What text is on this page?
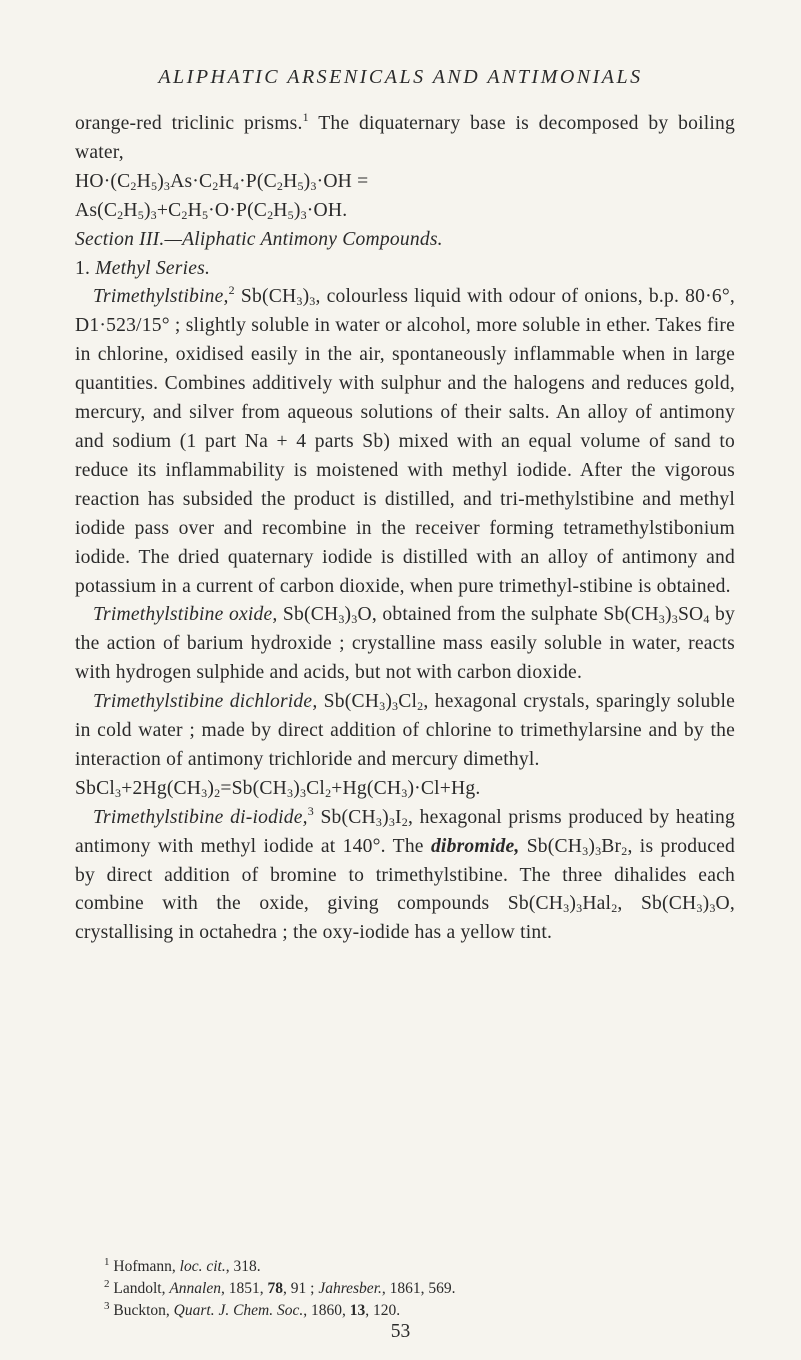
ALIPHATIC ARSENICALS AND ANTIMONIALS

orange-red triclinic prisms.$^1$ The diquaternary base is decomposed by boiling water,

$HO\cdot(C_2H_5)_3As\cdot C_2H_4\cdot P(C_2H_5)_3\cdot OH$ =

$As(C_2H_5)_3+C_2H_5\cdot O\cdot P(C_2H_5)_3\cdot OH$.

Section III.—Aliphatic Antimony Compounds.

1. Methyl Series.

Trimethylstibine,$^2$ $Sb(CH_3)_3$, colourless liquid with odour of onions, b.p. 80·6°, D1·523/15° ; slightly soluble in water or alcohol, more soluble in ether. Takes fire in chlorine, oxidised easily in the air, spontaneously inflammable when in large quantities. Combines additively with sulphur and the halogens and reduces gold, mercury, and silver from aqueous solutions of their salts. An alloy of antimony and sodium (1 part Na + 4 parts Sb) mixed with an equal volume of sand to reduce its inflammability is moistened with methyl iodide. After the vigorous reaction has subsided the product is distilled, and tri-methylstibine and methyl iodide pass over and recombine in the receiver forming tetramethylstibonium iodide. The dried quaternary iodide is distilled with an alloy of antimony and potassium in a current of carbon dioxide, when pure trimethyl-stibine is obtained.

Trimethylstibine oxide, $Sb(CH_3)_3O$, obtained from the sulphate $Sb(CH_3)_3SO_4$ by the action of barium hydroxide ; crystalline mass easily soluble in water, reacts with hydrogen sulphide and acids, but not with carbon dioxide.

Trimethylstibine dichloride, $Sb(CH_3)_3Cl_2$, hexagonal crystals, sparingly soluble in cold water ; made by direct addition of chlorine to trimethylarsine and by the interaction of antimony trichloride and mercury dimethyl.

$SbCl_3+2Hg(CH_3)_2=Sb(CH_3)_3Cl_2+Hg(CH_3)\cdot Cl+Hg$.

Trimethylstibine di-iodide,$^3$ $Sb(CH_3)_3I_2$, hexagonal prisms produced by heating antimony with methyl iodide at 140°. The dibromide, $Sb(CH_3)_3Br_2$, is produced by direct addition of bromine to trimethylstibine. The three dihalides each combine with the oxide, giving compounds $Sb(CH_3)_3Hal_2$, $Sb(CH_3)_3O$, crystallising in octahedra ; the oxy-iodide has a yellow tint.

$^1$ Hofmann, loc. cit., 318.

$^2$ Landolt, Annalen, 1851, 78, 91 ; Jahresber., 1861, 569.

$^3$ Buckton, Quart. J. Chem. Soc., 1860, 13, 120.

53
